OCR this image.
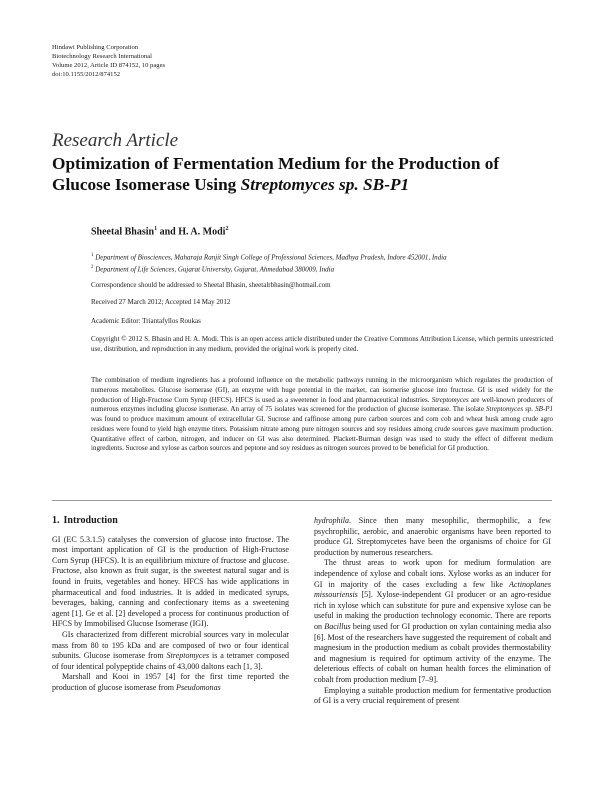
Hindawi Publishing Corporation
Biotechnology Research International
Volume 2012, Article ID 874152, 10 pages
doi:10.1155/2012/874152
Research Article
Optimization of Fermentation Medium for the Production of
Glucose Isomerase Using Streptomyces sp. SB-P1
Sheetal Bhasin$^1$ and H. A. Modi$^2$
$^1$ Department of Biosciences, Maharaja Ranjit Singh College of Professional Sciences, Madhya Pradesh, Indore 452001, India
$^2$ Department of Life Sciences, Gujarat University, Gujarat, Ahmedabad 380009, India
Correspondence should be addressed to Sheetal Bhasin, sheetalrbhasin@hotmail.com
Received 27 March 2012; Accepted 14 May 2012
Academic Editor: Triantafyllos Roukas
Copyright © 2012 S. Bhasin and H. A. Modi. This is an open access article distributed under the Creative Commons Attribution License, which permits unrestricted use, distribution, and reproduction in any medium, provided the original work is properly cited.
The combination of medium ingredients has a profound influence on the metabolic pathways running in the microorganism which regulates the production of numerous metabolites. Glucose isomerase (GI), an enzyme with huge potential in the market, can isomerise glucose into fructose. GI is used widely for the production of High-Fructose Corn Syrup (HFCS). HFCS is used as a sweetener in food and pharmaceutical industries. Streptomyces are well-known producers of numerous enzymes including glucose isomerase. An array of 75 isolates was screened for the production of glucose isomerase. The isolate Streptomyces sp. SB-P1 was found to produce maximum amount of extracellular GI. Sucrose and raffinose among pure carbon sources and corn cob and wheat husk among crude agro residues were found to yield high enzyme titers. Potassium nitrate among pure nitrogen sources and soy residues among crude sources gave maximum production. Quantitative effect of carbon, nitrogen, and inducer on GI was also determined. Plackett-Burman design was used to study the effect of different medium ingredients. Sucrose and xylose as carbon sources and peptone and soy residues as nitrogen sources proved to be beneficial for GI production.
1. Introduction

GI (EC 5.3.1.5) catalyses the conversion of glucose into fructose. The most important application of GI is the production of High-Fructose Corn Syrup (HFCS). It is an equilibrium mixture of fructose and glucose. Fructose, also known as fruit sugar, is the sweetest natural sugar and is found in fruits, vegetables and honey. HFCS has wide applications in pharmaceutical and food industries. It is added in medicated syrups, beverages, baking, canning and confectionary items as a sweetening agent [1]. Ge et al. [2] developed a process for continuous production of HFCS by Immobilised Glucose Isomerase (IGI).

GIs characterized from different microbial sources vary in molecular mass from 80 to 195 kDa and are composed of two or four identical subunits. Glucose isomerase from Streptomyces is a tetramer composed of four identical polypeptide chains of 43,000 daltons each [1, 3].

Marshall and Kooi in 1957 [4] for the first time reported the production of glucose isomerase from Pseudomonas

hydrophila. Since then many mesophilic, thermophilic, a few psychrophilic, aerobic, and anaerobic organisms have been reported to produce GI. Streptomycetes have been the organisms of choice for GI production by numerous researchers.

The thrust areas to work upon for medium formulation are independence of xylose and cobalt ions. Xylose works as an inducer for GI in majority of the cases excluding a few like Actinoplanes missouriensis [5]. Xylose-independent GI producer or an agro-residue rich in xylose which can substitute for pure and expensive xylose can be useful in making the production technology economic. There are reports on Bacillus being used for GI production on xylan containing media also [6]. Most of the researchers have suggested the requirement of cobalt and magnesium in the production medium as cobalt provides thermostability and magnesium is required for optimum activity of the enzyme. The deleterious effects of cobalt on human health forces the elimination of cobalt from production medium [7–9].

Employing a suitable production medium for fermentative production of GI is a very crucial requirement of present
